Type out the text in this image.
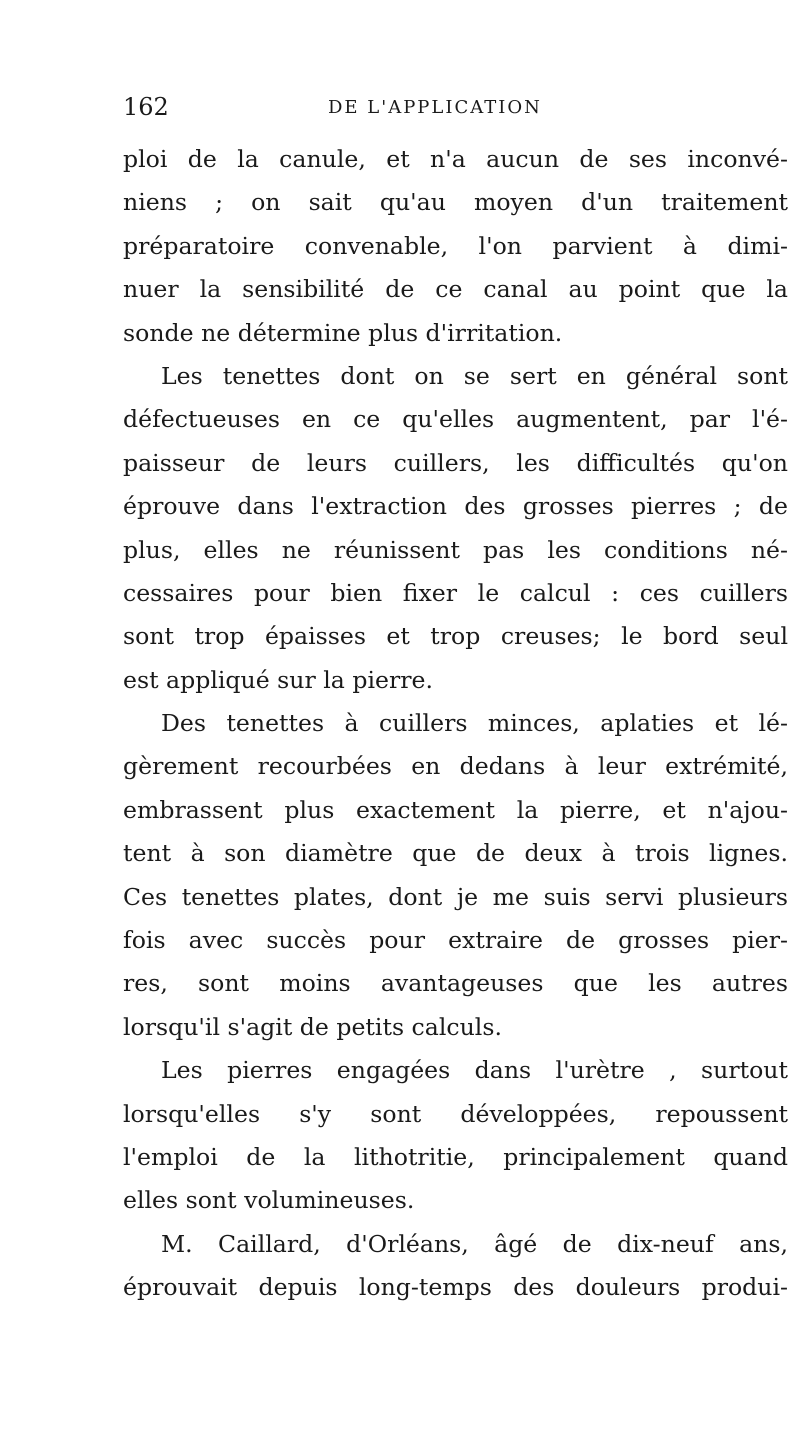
162	DE L'APPLICATION
ploi de la canule, et n'a aucun de ses inconvé-
niens ; on sait qu'au moyen d'un traitement
préparatoire convenable, l'on parvient à dimi-
nuer la sensibilité de ce canal au point que la
sonde ne détermine plus d'irritation.
Les tenettes dont on se sert en général sont
défectueuses en ce qu'elles augmentent, par l'é-
paisseur de leurs cuillers, les difficultés qu'on
éprouve dans l'extraction des grosses pierres ; de
plus, elles ne réunissent pas les conditions né-
cessaires pour bien fixer le calcul : ces cuillers
sont trop épaisses et trop creuses; le bord seul
est appliqué sur la pierre.
Des tenettes à cuillers minces, aplaties et lé-
gèrement recourbées en dedans à leur extrémité,
embrassent plus exactement la pierre, et n'ajou-
tent à son diamètre que de deux à trois lignes.
Ces tenettes plates, dont je me suis servi plusieurs
fois avec succès pour extraire de grosses pier-
res, sont moins avantageuses que les autres
lorsqu'il s'agit de petits calculs.
Les pierres engagées dans l'urètre , surtout
lorsqu'elles s'y sont développées, repoussent
l'emploi de la lithotritie, principalement quand
elles sont volumineuses.
M. Caillard, d'Orléans, âgé de dix-neuf ans,
éprouvait depuis long-temps des douleurs produi-
